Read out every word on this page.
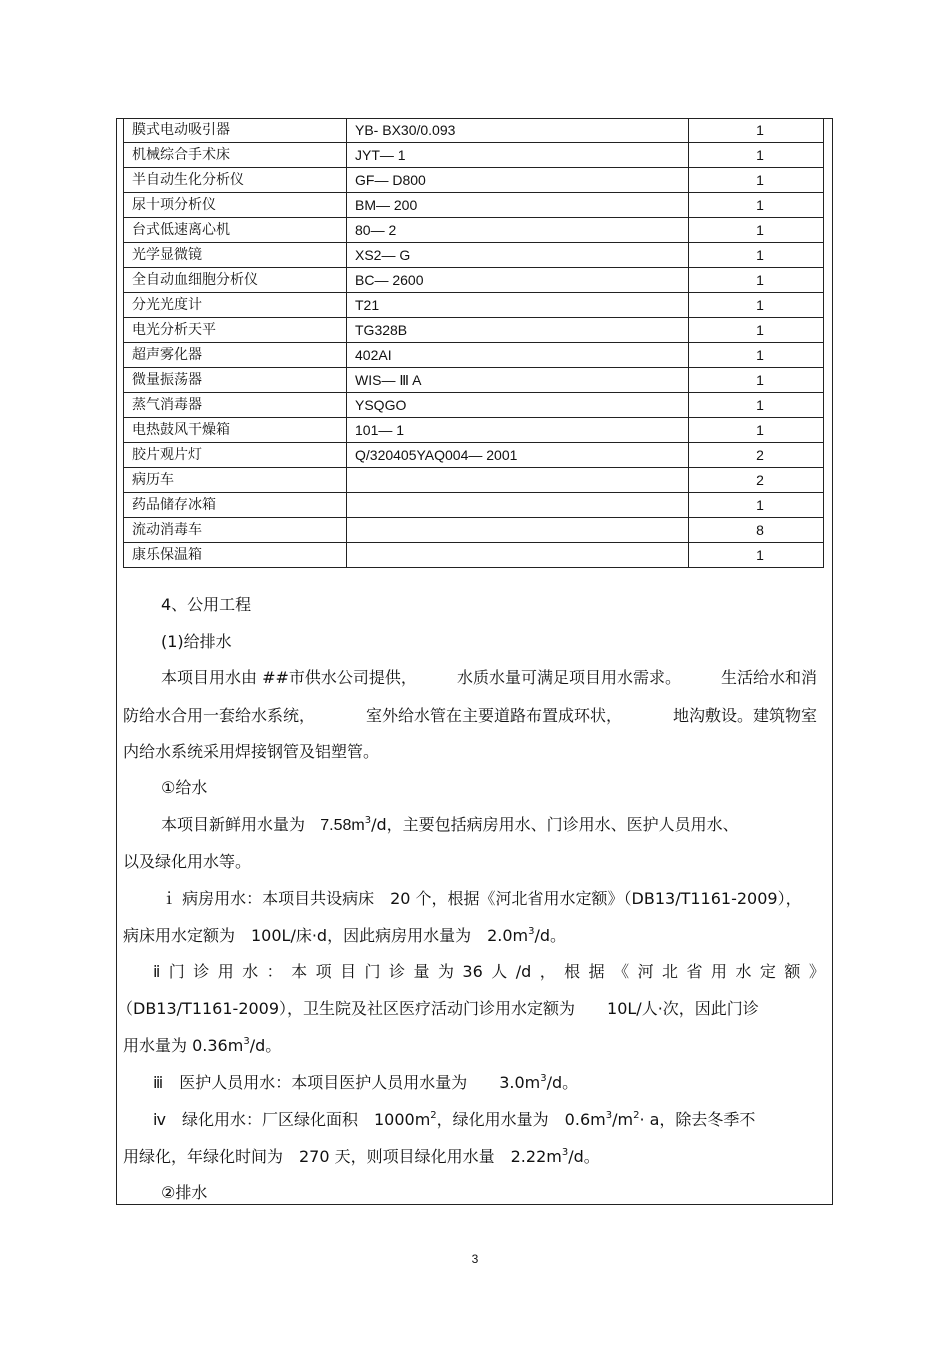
膜式电动吸引器	YB- BX30/0.093	1
机械综合手术床	JYT— 1	1
半自动生化分析仪	GF— D800	1
尿十项分析仪	BM— 200	1
台式低速离心机	80— 2	1
光学显微镜	XS2— G	1
全自动血细胞分析仪	BC— 2600	1
分光光度计	T21	1
电光分析天平	TG328B	1
超声雾化器	402AI	1
微量振荡器	WIS— Ⅲ A	1
蒸气消毒器	YSQGO	1
电热鼓风干燥箱	101— 1	1
胶片观片灯	Q/320405YAQ004— 2001	2
病历车		2
药品储存冰箱		1
流动消毒车		8
康乐保温箱		1
4、公用工程
(1)给排水
本项目用水由 ##市供水公司提供，	水质水量可满足项目用水需求。	生活给水和消
防给水合用一套给水系统，	室外给水管在主要道路布置成环状，	地沟敷设。建筑物室
内给水系统采用焊接钢管及铝塑管。
①给水
本项目新鲜用水量为 $7.58m^3/d$，主要包括病房用水、门诊用水、医护人员用水、
以及绿化用水等。
ｉ 病房用水：本项目共设病床　20 个，根据《河北省用水定额》（DB13/T1161-2009），
病床用水定额为　100L/床·d，因此病房用水量为　$2.0m^3/d$。
ⅱ 门 诊 用 水 ： 本 项 目 门 诊 量 为 36 人 /d ， 根 据 《 河 北 省 用 水 定 额 》
（DB13/T1161-2009），卫生院及社区医疗活动门诊用水定额为　　10L/人·次，因此门诊
用水量为 $0.36m^3/d$。
ⅲ　医护人员用水：本项目医护人员用水量为　　$3.0m^3/d$。
ⅳ　绿化用水：厂区绿化面积　$1000m^2$，绿化用水量为　$0.6m^3/m^2\cdot a$，除去冬季不
用绿化，年绿化时间为　270 天，则项目绿化用水量　$2.22m^3/d$。
②排水
3
